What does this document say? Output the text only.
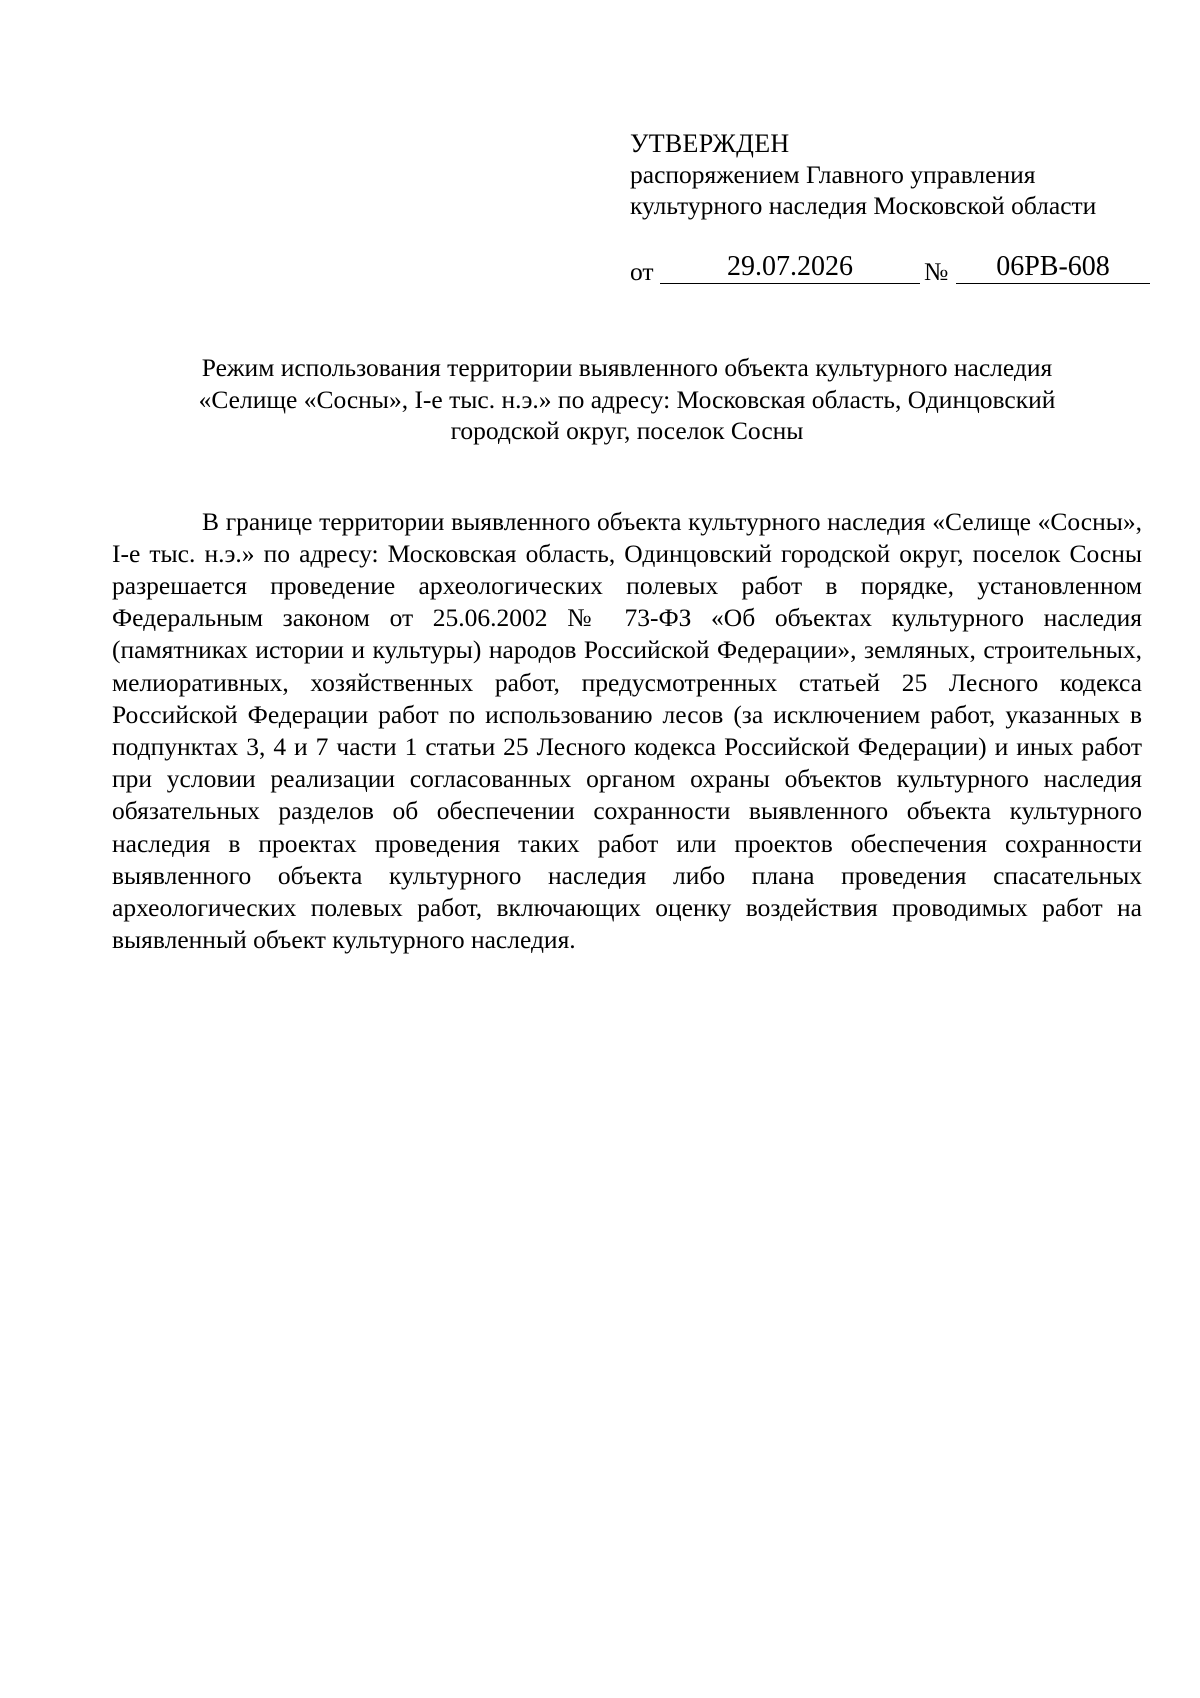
УТВЕРЖДЕН
распоряжением Главного управления
культурного наследия Московской области
от	29.07.2026	№	06РВ-608
Режим использования территории выявленного объекта культурного наследия
«Селище «Сосны», I-е тыс. н.э.» по адресу: Московская область, Одинцовский
городской округ, поселок Сосны

В границе территории выявленного объекта культурного наследия «Селище «Сосны», I-е тыс. н.э.» по адресу: Московская область, Одинцовский городской округ, поселок Сосны разрешается проведение археологических полевых работ в порядке, установленном Федеральным законом от 25.06.2002 № 73-ФЗ «Об объектах культурного наследия (памятниках истории и культуры) народов Российской Федерации», земляных, строительных, мелиоративных, хозяйственных работ, предусмотренных статьей 25 Лесного кодекса Российской Федерации работ по использованию лесов (за исключением работ, указанных в подпунктах 3, 4 и 7 части 1 статьи 25 Лесного кодекса Российской Федерации) и иных работ при условии реализации согласованных органом охраны объектов культурного наследия обязательных разделов об обеспечении сохранности выявленного объекта культурного наследия в проектах проведения таких работ или проектов обеспечения сохранности выявленного объекта культурного наследия либо плана проведения спасательных археологических полевых работ, включающих оценку воздействия проводимых работ на выявленный объект культурного наследия.
